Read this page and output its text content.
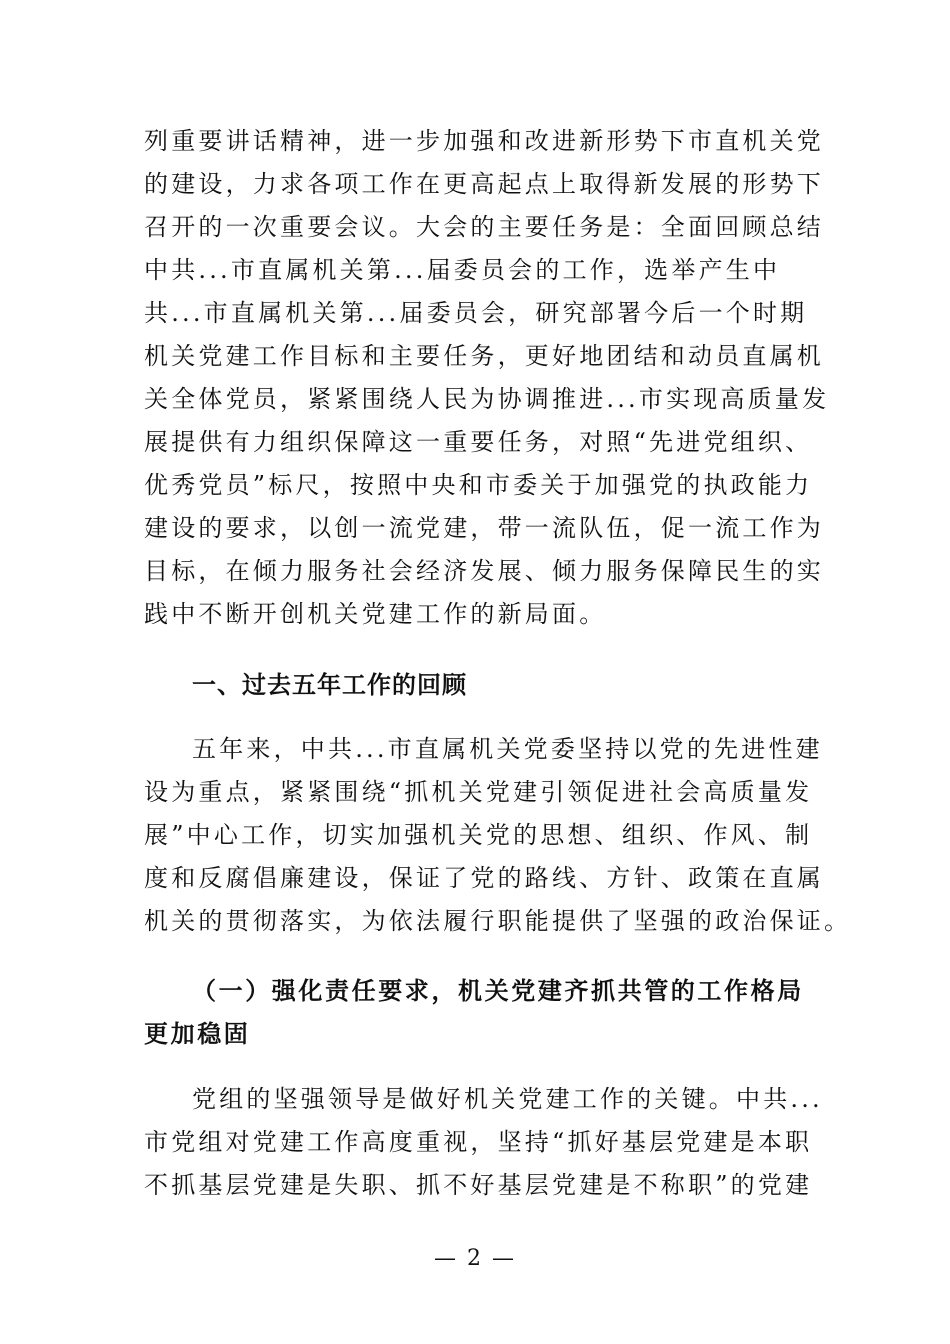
列重要讲话精神，进一步加强和改进新形势下市直机关党
的建设，力求各项工作在更高起点上取得新发展的形势下
召开的一次重要会议。大会的主要任务是：全面回顾总结
中共...市直属机关第...届委员会的工作，选举产生中
共...市直属机关第...届委员会，研究部署今后一个时期
机关党建工作目标和主要任务，更好地团结和动员直属机
关全体党员，紧紧围绕人民为协调推进...市实现高质量发
展提供有力组织保障这一重要任务，对照“先进党组织、
优秀党员”标尺，按照中央和市委关于加强党的执政能力
建设的要求，以创一流党建，带一流队伍，促一流工作为
目标，在倾力服务社会经济发展、倾力服务保障民生的实
践中不断开创机关党建工作的新局面。
一、过去五年工作的回顾
五年来，中共...市直属机关党委坚持以党的先进性建
设为重点，紧紧围绕“抓机关党建引领促进社会高质量发
展”中心工作，切实加强机关党的思想、组织、作风、制
度和反腐倡廉建设，保证了党的路线、方针、政策在直属
机关的贯彻落实，为依法履行职能提供了坚强的政治保证。
（一）强化责任要求，机关党建齐抓共管的工作格局
更加稳固
党组的坚强领导是做好机关党建工作的关键。中共...
市党组对党建工作高度重视，坚持“抓好基层党建是本职
不抓基层党建是失职、抓不好基层党建是不称职”的党建
— 2 —
